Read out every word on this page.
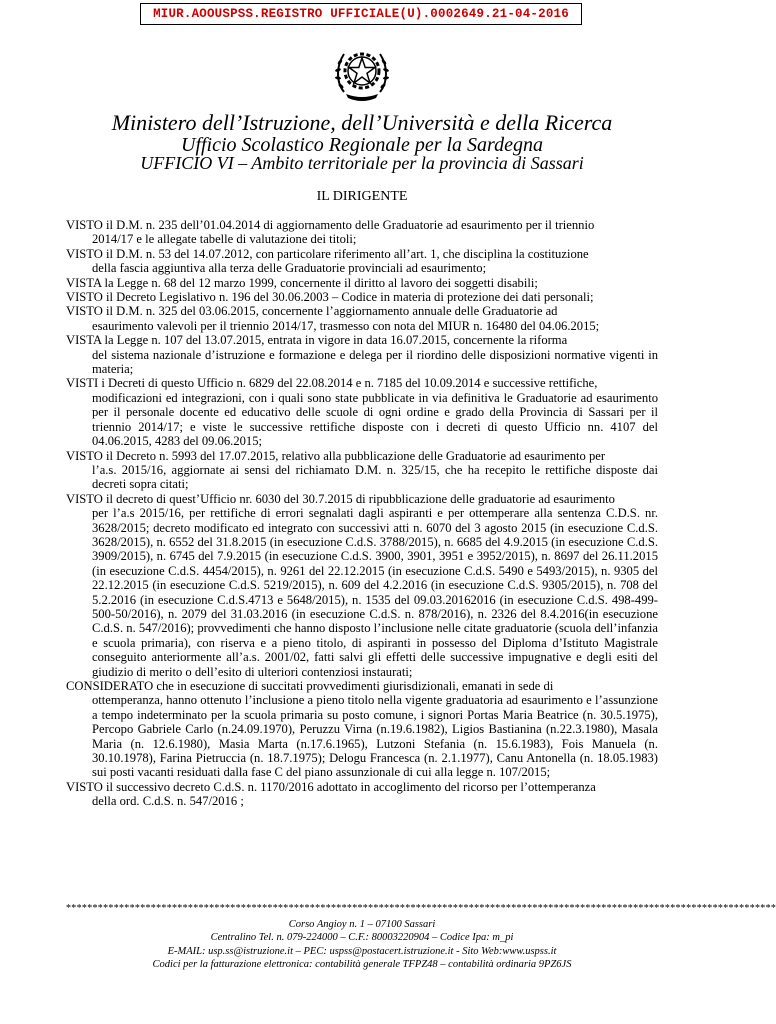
MIUR.AOOUSPSS.REGISTRO UFFICIALE(U).0002649.21-04-2016
Ministero dell’Istruzione, dell’Università e della Ricerca
Ufficio Scolastico Regionale per la Sardegna
UFFICIO VI – Ambito territoriale per la provincia di Sassari
IL DIRIGENTE

VISTO il D.M. n. 235 dell’01.04.2014 di aggiornamento delle Graduatorie ad esaurimento per il triennio
2014/17 e le allegate tabelle di valutazione dei titoli;

VISTO il D.M. n. 53 del 14.07.2012, con particolare riferimento all’art. 1, che disciplina la costituzione
della fascia aggiuntiva alla terza delle Graduatorie provinciali ad esaurimento;

VISTA la Legge n. 68 del 12 marzo 1999, concernente il diritto al lavoro dei soggetti disabili;

VISTO il Decreto Legislativo n. 196 del 30.06.2003 – Codice in materia di protezione dei dati personali;

VISTO il D.M. n. 325 del 03.06.2015, concernente l’aggiornamento annuale delle Graduatorie ad
esaurimento valevoli per il triennio 2014/17, trasmesso con nota del MIUR n. 16480 del 04.06.2015;

VISTA la Legge n. 107 del 13.07.2015, entrata in vigore in data 16.07.2015, concernente la riforma
del sistema nazionale d’istruzione e formazione e delega per il riordino delle disposizioni normative vigenti in materia;

VISTI i Decreti di questo Ufficio n. 6829 del 22.08.2014 e n. 7185 del 10.09.2014 e successive rettifiche,
modificazioni ed integrazioni, con i quali sono state pubblicate in via definitiva le Graduatorie ad esaurimento per il personale docente ed educativo delle scuole di ogni ordine e grado della Provincia di Sassari per il triennio 2014/17; e viste le successive rettifiche disposte con i decreti di questo Ufficio nn. 4107 del 04.06.2015, 4283 del 09.06.2015;

VISTO il Decreto n. 5993 del 17.07.2015, relativo alla pubblicazione delle Graduatorie ad esaurimento per
l’a.s. 2015/16, aggiornate ai sensi del richiamato D.M. n. 325/15, che ha recepito le rettifiche disposte dai decreti sopra citati;

VISTO il decreto di quest’Ufficio nr. 6030 del 30.7.2015 di ripubblicazione delle graduatorie ad esaurimento
per l’a.s 2015/16, per rettifiche di errori segnalati dagli aspiranti e per ottemperare alla sentenza C.D.S. nr. 3628/2015; decreto modificato ed integrato con successivi atti n. 6070 del 3 agosto 2015 (in esecuzione C.d.S. 3628/2015), n. 6552 del 31.8.2015 (in esecuzione C.d.S. 3788/2015), n. 6685 del 4.9.2015 (in esecuzione C.d.S. 3909/2015), n. 6745 del 7.9.2015 (in esecuzione C.d.S. 3900, 3901, 3951 e 3952/2015), n. 8697 del 26.11.2015 (in esecuzione C.d.S. 4454/2015), n. 9261 del 22.12.2015 (in esecuzione C.d.S. 5490 e 5493/2015), n. 9305 del 22.12.2015 (in esecuzione C.d.S. 5219/2015), n. 609 del 4.2.2016 (in esecuzione C.d.S. 9305/2015), n. 708 del 5.2.2016 (in esecuzione C.d.S.4713 e 5648/2015), n. 1535 del 09.03.20162016 (in esecuzione C.d.S. 498-499-500-50/2016), n. 2079 del 31.03.2016 (in esecuzione C.d.S. n. 878/2016), n. 2326 del 8.4.2016(in esecuzione C.d.S. n. 547/2016); provvedimenti che hanno disposto l’inclusione nelle citate graduatorie (scuola dell’infanzia e scuola primaria), con riserva e a pieno titolo, di aspiranti in possesso del Diploma d’Istituto Magistrale conseguito anteriormente all’a.s. 2001/02, fatti salvi gli effetti delle successive impugnative e degli esiti del giudizio di merito o dell’esito di ulteriori contenziosi instaurati;

CONSIDERATO che in esecuzione di succitati provvedimenti giurisdizionali, emanati in sede di
ottemperanza, hanno ottenuto l’inclusione a pieno titolo nella vigente graduatoria ad esaurimento e l’assunzione a tempo indeterminato per la scuola primaria su posto comune, i signori Portas Maria Beatrice (n. 30.5.1975), Percopo Gabriele Carlo (n.24.09.1970), Peruzzu Virna (n.19.6.1982), Ligios Bastianina (n.22.3.1980), Masala Maria (n. 12.6.1980), Masia Marta (n.17.6.1965), Lutzoni Stefania (n. 15.6.1983), Fois Manuela (n. 30.10.1978), Farina Pietruccia (n. 18.7.1975); Delogu Francesca (n. 2.1.1977), Canu Antonella (n. 18.05.1983) sui posti vacanti residuati dalla fase C del piano assunzionale di cui alla legge n. 107/2015;

VISTO il successivo decreto C.d.S. n. 1170/2016 adottato in accoglimento del ricorso per l’ottemperanza
della ord. C.d.S. n. 547/2016 ;

**************************************************************************************************************************************
Corso Angioy n. 1 – 07100 Sassari
Centralino Tel. n. 079-224000 – C.F.: 80003220904 – Codice Ipa: m_pi
E-MAIL: usp.ss@istruzione.it – PEC: uspss@postacert.istruzione.it - Sito Web:www.uspss.it
Codici per la fatturazione elettronica: contabilità generale TFPZ48 – contabilità ordinaria 9PZ6JS
